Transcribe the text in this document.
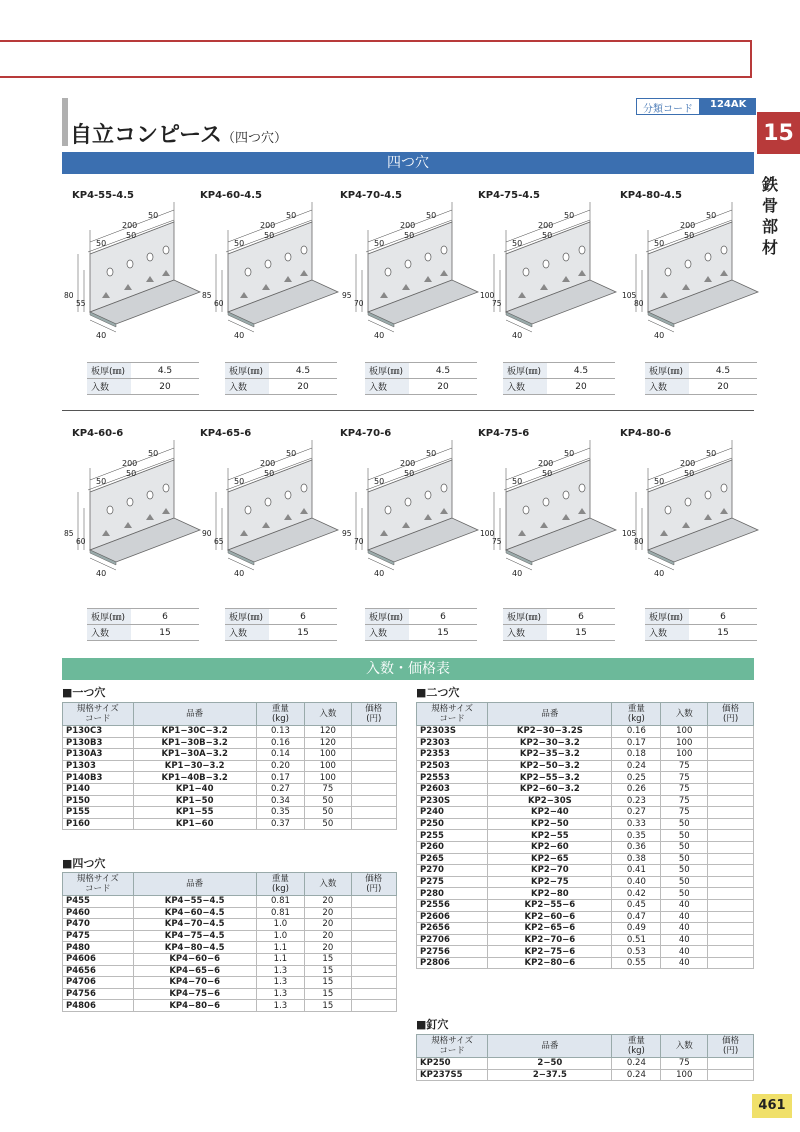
分類コード	124AK
15
鉄
骨
部
材
自立コンピース（四つ穴）
四つ穴
KP4-55-4.5
200
50
50
50
80
55
40
板厚(㎜)	4.5
入数	20
KP4-60-4.5
200
50
50
50
85
60
40
板厚(㎜)	4.5
入数	20
KP4-70-4.5
200
50
50
50
95
70
40
板厚(㎜)	4.5
入数	20
KP4-75-4.5
200
50
50
50
100
75
40
板厚(㎜)	4.5
入数	20
KP4-80-4.5
200
50
50
50
105
80
40
板厚(㎜)	4.5
入数	20
KP4-60-6
200
50
50
50
85
60
40
板厚(㎜)	6
入数	15
KP4-65-6
200
50
50
50
90
65
40
板厚(㎜)	6
入数	15
KP4-70-6
200
50
50
50
95
70
40
板厚(㎜)	6
入数	15
KP4-75-6
200
50
50
50
100
75
40
板厚(㎜)	6
入数	15
KP4-80-6
200
50
50
50
105
80
40
板厚(㎜)	6
入数	15
入数・価格表
■一つ穴
規格サイズ
コード	品番	重量
(kg)	入数	価格
(円)
P130C3	KP1−30C−3.2	0.13	120	
P130B3	KP1−30B−3.2	0.16	120	
P130A3	KP1−30A−3.2	0.14	100	
P1303	KP1−30−3.2	0.20	100	
P140B3	KP1−40B−3.2	0.17	100	
P140	KP1−40	0.27	75	
P150	KP1−50	0.34	50	
P155	KP1−55	0.35	50	
P160	KP1−60	0.37	50	
■四つ穴
規格サイズ
コード	品番	重量
(kg)	入数	価格
(円)
P455	KP4−55−4.5	0.81	20	
P460	KP4−60−4.5	0.81	20	
P470	KP4−70−4.5	1.0	20	
P475	KP4−75−4.5	1.0	20	
P480	KP4−80−4.5	1.1	20	
P4606	KP4−60−6	1.1	15	
P4656	KP4−65−6	1.3	15	
P4706	KP4−70−6	1.3	15	
P4756	KP4−75−6	1.3	15	
P4806	KP4−80−6	1.3	15	
■二つ穴
規格サイズ
コード	品番	重量
(kg)	入数	価格
(円)
P2303S	KP2−30−3.2S	0.16	100	
P2303	KP2−30−3.2	0.17	100	
P2353	KP2−35−3.2	0.18	100	
P2503	KP2−50−3.2	0.24	75	
P2553	KP2−55−3.2	0.25	75	
P2603	KP2−60−3.2	0.26	75	
P230S	KP2−30S	0.23	75	
P240	KP2−40	0.27	75	
P250	KP2−50	0.33	50	
P255	KP2−55	0.35	50	
P260	KP2−60	0.36	50	
P265	KP2−65	0.38	50	
P270	KP2−70	0.41	50	
P275	KP2−75	0.40	50	
P280	KP2−80	0.42	50	
P2556	KP2−55−6	0.45	40	
P2606	KP2−60−6	0.47	40	
P2656	KP2−65−6	0.49	40	
P2706	KP2−70−6	0.51	40	
P2756	KP2−75−6	0.53	40	
P2806	KP2−80−6	0.55	40	
■釘穴
規格サイズ
コード	品番	重量
(kg)	入数	価格
(円)
KP250	2−50	0.24	75	
KP237S5	2−37.5	0.24	100	
461
